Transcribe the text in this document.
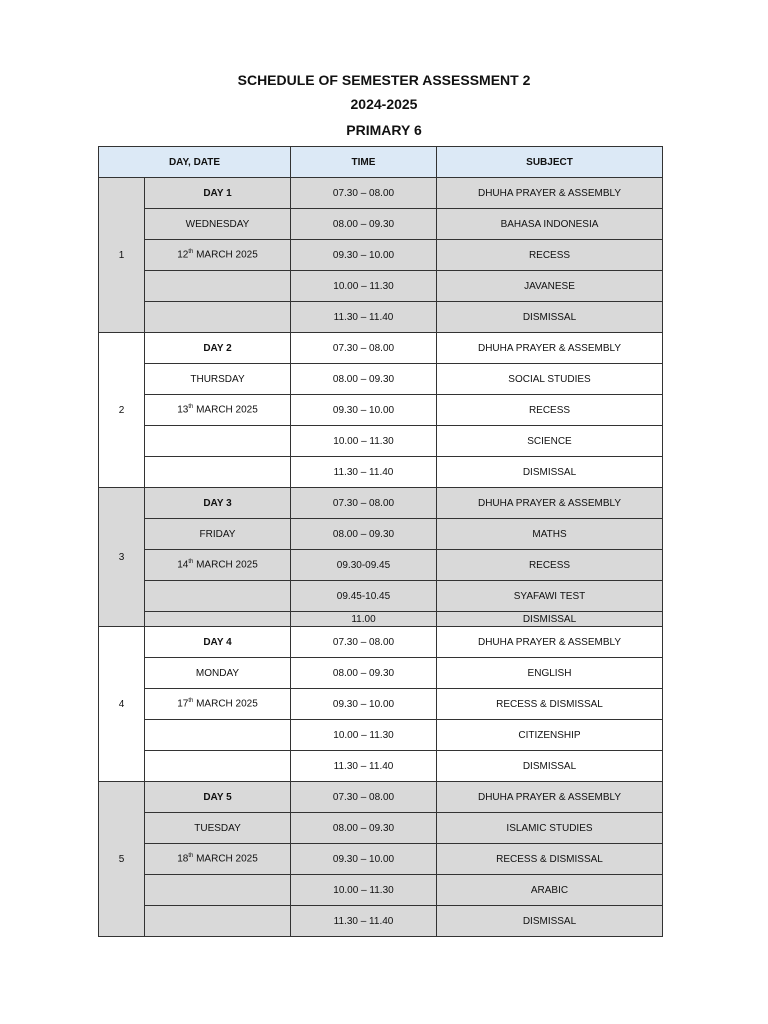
SCHEDULE OF SEMESTER ASSESSMENT 2
2024-2025
PRIMARY 6
DAY, DATE		TIME	SUBJECT
1	DAY 1	07.30 – 08.00	DHUHA PRAYER & ASSEMBLY
	WEDNESDAY	08.00 – 09.30	BAHASA INDONESIA
	12th MARCH 2025	09.30 – 10.00	RECESS
		10.00 – 11.30	JAVANESE
		11.30 – 11.40	DISMISSAL
2	DAY 2	07.30 – 08.00	DHUHA PRAYER & ASSEMBLY
	THURSDAY	08.00 – 09.30	SOCIAL STUDIES
	13th MARCH 2025	09.30 – 10.00	RECESS
		10.00 – 11.30	SCIENCE
		11.30 – 11.40	DISMISSAL
3	DAY 3	07.30 – 08.00	DHUHA PRAYER & ASSEMBLY
	FRIDAY	08.00 – 09.30	MATHS
	14th MARCH 2025	09.30-09.45	RECESS
		09.45-10.45	SYAFAWI TEST
		11.00	DISMISSAL
4	DAY 4	07.30 – 08.00	DHUHA PRAYER & ASSEMBLY
	MONDAY	08.00 – 09.30	ENGLISH
	17th MARCH 2025	09.30 – 10.00	RECESS & DISMISSAL
		10.00 – 11.30	CITIZENSHIP
		11.30 – 11.40	DISMISSAL
5	DAY 5	07.30 – 08.00	DHUHA PRAYER & ASSEMBLY
	TUESDAY	08.00 – 09.30	ISLAMIC STUDIES
	18th MARCH 2025	09.30 – 10.00	RECESS & DISMISSAL
		10.00 – 11.30	ARABIC
		11.30 – 11.40	DISMISSAL
